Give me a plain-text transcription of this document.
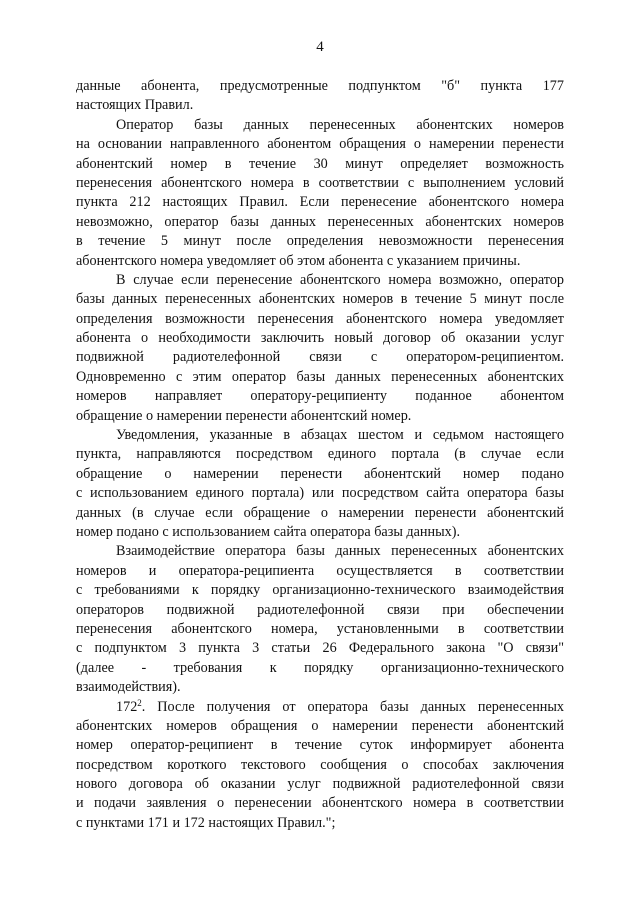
4
данные абонента, предусмотренные подпунктом "б" пункта 177
настоящих Правил.
Оператор базы данных перенесенных абонентских номеров
на основании направленного абонентом обращения о намерении перенести
абонентский номер в течение 30 минут определяет возможность
перенесения абонентского номера в соответствии с выполнением условий
пункта 212 настоящих Правил. Если перенесение абонентского номера
невозможно, оператор базы данных перенесенных абонентских номеров
в течение 5 минут после определения невозможности перенесения
абонентского номера уведомляет об этом абонента с указанием причины.
В случае если перенесение абонентского номера возможно, оператор
базы данных перенесенных абонентских номеров в течение 5 минут после
определения возможности перенесения абонентского номера уведомляет
абонента о необходимости заключить новый договор об оказании услуг
подвижной радиотелефонной связи с оператором-реципиентом.
Одновременно с этим оператор базы данных перенесенных абонентских
номеров направляет оператору-реципиенту поданное абонентом
обращение о намерении перенести абонентский номер.
Уведомления, указанные в абзацах шестом и седьмом настоящего
пункта, направляются посредством единого портала (в случае если
обращение о намерении перенести абонентский номер подано
с использованием единого портала) или посредством сайта оператора базы
данных (в случае если обращение о намерении перенести абонентский
номер подано с использованием сайта оператора базы данных).
Взаимодействие оператора базы данных перенесенных абонентских
номеров и оператора-реципиента осуществляется в соответствии
с требованиями к порядку организационно-технического взаимодействия
операторов подвижной радиотелефонной связи при обеспечении
перенесения абонентского номера, установленными в соответствии
с подпунктом 3 пункта 3 статьи 26 Федерального закона "О связи"
(далее - требования к порядку организационно-технического
взаимодействия).
$172^2$. После получения от оператора базы данных перенесенных
абонентских номеров обращения о намерении перенести абонентский
номер оператор-реципиент в течение суток информирует абонента
посредством короткого текстового сообщения о способах заключения
нового договора об оказании услуг подвижной радиотелефонной связи
и подачи заявления о перенесении абонентского номера в соответствии
с пунктами 171 и 172 настоящих Правил.";
